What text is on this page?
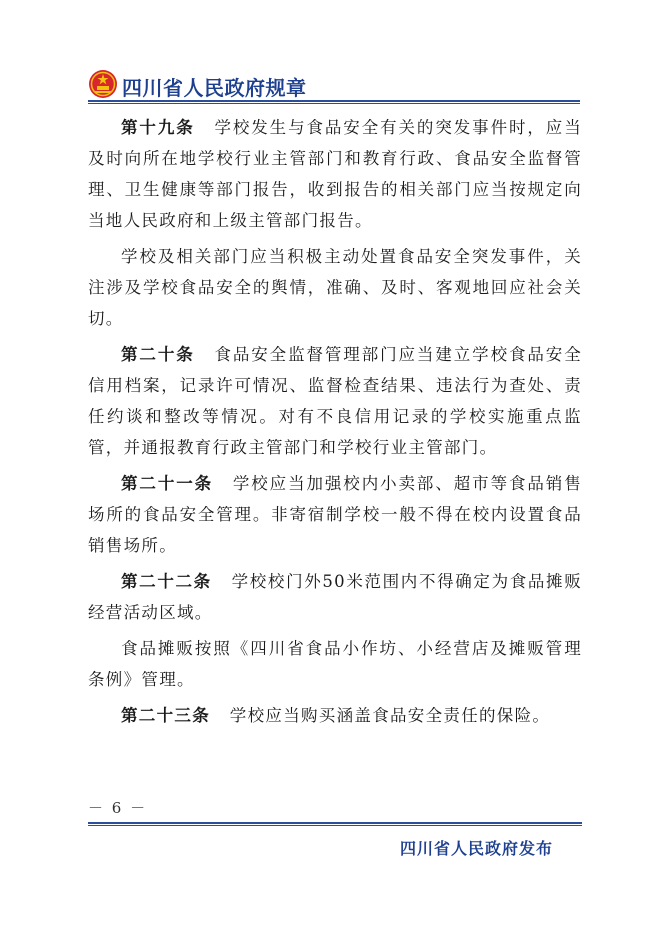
四川省人民政府规章

第十九条 学校发生与食品安全有关的突发事件时，应当及时向所在地学校行业主管部门和教育行政、食品安全监督管理、卫生健康等部门报告，收到报告的相关部门应当按规定向当地人民政府和上级主管部门报告。

学校及相关部门应当积极主动处置食品安全突发事件，关注涉及学校食品安全的舆情，准确、及时、客观地回应社会关切。

第二十条 食品安全监督管理部门应当建立学校食品安全信用档案，记录许可情况、监督检查结果、违法行为查处、责任约谈和整改等情况。对有不良信用记录的学校实施重点监管，并通报教育行政主管部门和学校行业主管部门。

第二十一条 学校应当加强校内小卖部、超市等食品销售场所的食品安全管理。非寄宿制学校一般不得在校内设置食品销售场所。

第二十二条 学校校门外50米范围内不得确定为食品摊贩经营活动区域。

食品摊贩按照《四川省食品小作坊、小经营店及摊贩管理条例》管理。

第二十三条 学校应当购买涵盖食品安全责任的保险。

－ 6 －
四川省人民政府发布
